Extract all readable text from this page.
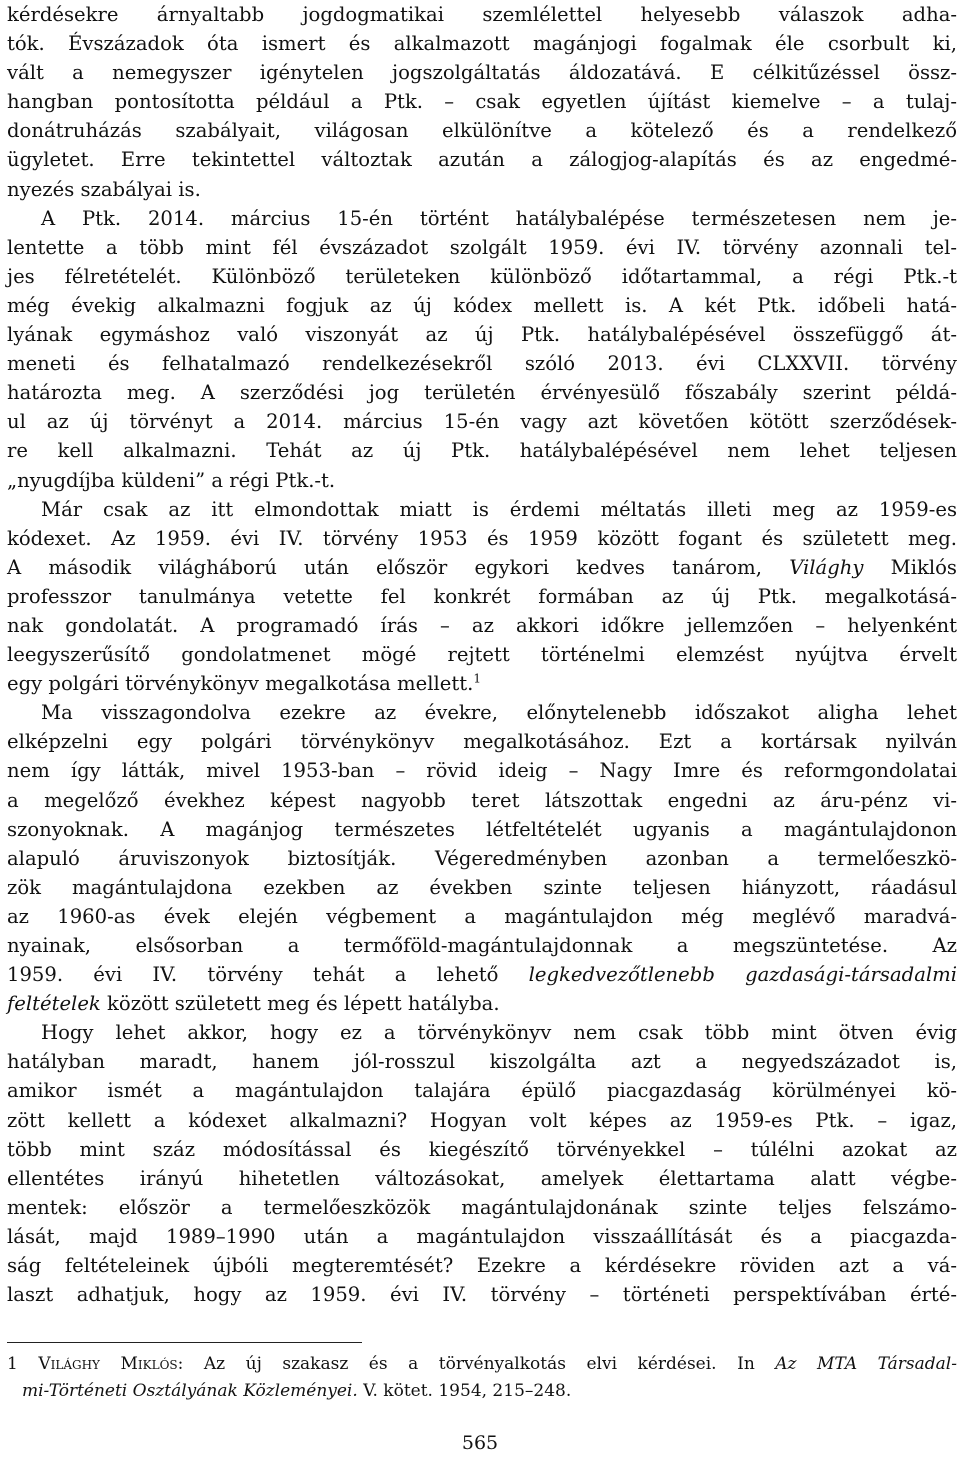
kérdésekre árnyaltabb jogdogmatikai szemlélettel helyesebb válaszok adha-
tók. Évszázadok óta ismert és alkalmazott magánjogi fogalmak éle csorbult ki,
vált a nemegyszer igénytelen jogszolgáltatás áldozatává. E célkitűzéssel össz-
hangban pontosította például a Ptk. – csak egyetlen újítást kiemelve – a tulaj-
donátruházás szabályait, világosan elkülönítve a kötelező és a rendelkező
ügyletet. Erre tekintettel változtak azután a zálogjog-alapítás és az engedmé-
nyezés szabályai is.
A Ptk. 2014. március 15-én történt hatálybalépése természetesen nem je-
lentette a több mint fél évszázadot szolgált 1959. évi IV. törvény azonnali tel-
jes félretételét. Különböző területeken különböző időtartammal, a régi Ptk.-t
még évekig alkalmazni fogjuk az új kódex mellett is. A két Ptk. időbeli hatá-
lyának egymáshoz való viszonyát az új Ptk. hatálybalépésével összefüggő át-
meneti és felhatalmazó rendelkezésekről szóló 2013. évi CLXXVII. törvény
határozta meg. A szerződési jog területén érvényesülő főszabály szerint példá-
ul az új törvényt a 2014. március 15-én vagy azt követően kötött szerződések-
re kell alkalmazni. Tehát az új Ptk. hatálybalépésével nem lehet teljesen
„nyugdíjba küldeni” a régi Ptk.-t.
Már csak az itt elmondottak miatt is érdemi méltatás illeti meg az 1959-es
kódexet. Az 1959. évi IV. törvény 1953 és 1959 között fogant és született meg.
A második világháború után először egykori kedves tanárom, Világhy Miklós
professzor tanulmánya vetette fel konkrét formában az új Ptk. megalkotásá-
nak gondolatát. A programadó írás – az akkori időkre jellemzően – helyenként
leegyszerűsítő gondolatmenet mögé rejtett történelmi elemzést nyújtva érvelt
egy polgári törvénykönyv megalkotása mellett.$^1$
Ma visszagondolva ezekre az évekre, előnytelenebb időszakot aligha lehet
elképzelni egy polgári törvénykönyv megalkotásához. Ezt a kortársak nyilván
nem így látták, mivel 1953-ban – rövid ideig – Nagy Imre és reformgondolatai
a megelőző évekhez képest nagyobb teret látszottak engedni az áru-pénz vi-
szonyoknak. A magánjog természetes létfeltételét ugyanis a magántulajdonon
alapuló áruviszonyok biztosítják. Végeredményben azonban a termelőeszkö-
zök magántulajdona ezekben az években szinte teljesen hiányzott, ráadásul
az 1960-as évek elején végbement a magántulajdon még meglévő maradvá-
nyainak, elsősorban a termőföld-magántulajdonnak a megszüntetése. Az
1959. évi IV. törvény tehát a lehető legkedvezőtlenebb gazdasági-társadalmi
feltételek között született meg és lépett hatályba.
Hogy lehet akkor, hogy ez a törvénykönyv nem csak több mint ötven évig
hatályban maradt, hanem jól-rosszul kiszolgálta azt a negyedszázadot is,
amikor ismét a magántulajdon talajára épülő piacgazdaság körülményei kö-
zött kellett a kódexet alkalmazni? Hogyan volt képes az 1959-es Ptk. – igaz,
több mint száz módosítással és kiegészítő törvényekkel – túlélni azokat az
ellentétes irányú hihetetlen változásokat, amelyek élettartama alatt végbe-
mentek: először a termelőeszközök magántulajdonának szinte teljes felszámo-
lását, majd 1989–1990 után a magántulajdon visszaállítását és a piacgazda-
ság feltételeinek újbóli megteremtését? Ezekre a kérdésekre röviden azt a vá-
laszt adhatjuk, hogy az 1959. évi IV. törvény – történeti perspektívában érté-
1 Világhy Miklós: Az új szakasz és a törvényalkotás elvi kérdései. In Az MTA Társadal-
mi-Történeti Osztályának Közleményei. V. kötet. 1954, 215–248.
565
